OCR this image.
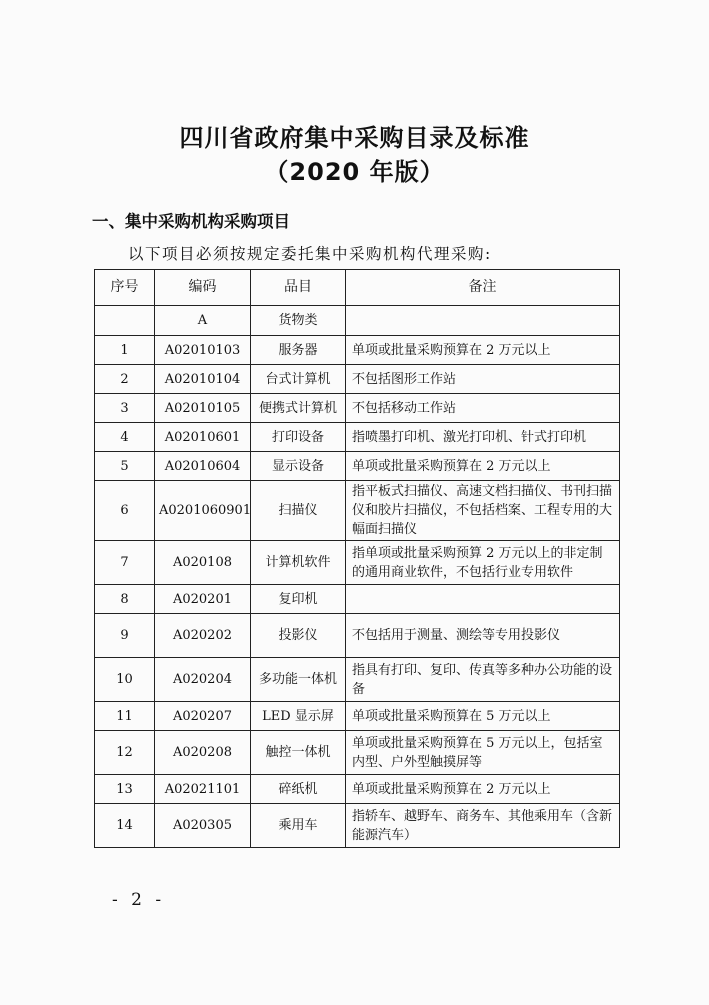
四川省政府集中采购目录及标准
（2020 年版）
一、集中采购机构采购项目
以下项目必须按规定委托集中采购机构代理采购:
序号	编码	品目	备注
	A	货物类	
1	A02010103	服务器	单项或批量采购预算在 2 万元以上
2	A02010104	台式计算机	不包括图形工作站
3	A02010105	便携式计算机	不包括移动工作站
4	A02010601	打印设备	指喷墨打印机、激光打印机、针式打印机
5	A02010604	显示设备	单项或批量采购预算在 2 万元以上
6	A0201060901	扫描仪	指平板式扫描仪、高速文档扫描仪、书刊扫描仪和胶片扫描仪，不包括档案、工程专用的大幅面扫描仪
7	A020108	计算机软件	指单项或批量采购预算 2 万元以上的非定制的通用商业软件，不包括行业专用软件
8	A020201	复印机	
9	A020202	投影仪	不包括用于测量、测绘等专用投影仪
10	A020204	多功能一体机	指具有打印、复印、传真等多种办公功能的设备
11	A020207	LED 显示屏	单项或批量采购预算在 5 万元以上
12	A020208	触控一体机	单项或批量采购预算在 5 万元以上，包括室内型、户外型触摸屏等
13	A02021101	碎纸机	单项或批量采购预算在 2 万元以上
14	A020305	乘用车	指轿车、越野车、商务车、其他乘用车（含新能源汽车）
- 2 -
